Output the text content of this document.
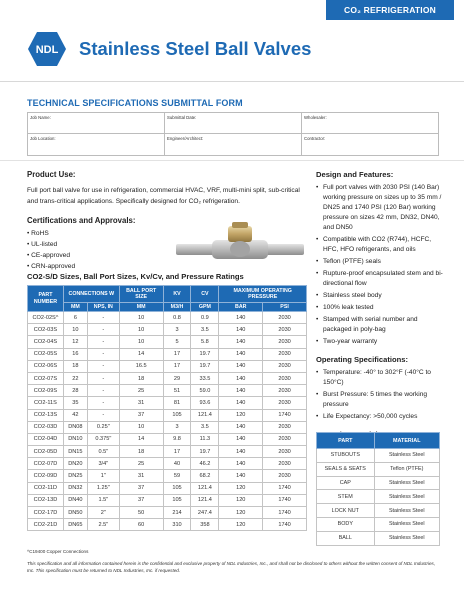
CO₂ REFRIGERATION
NDL Stainless Steel Ball Valves
TECHNICAL SPECIFICATIONS SUBMITTAL FORM
Job Name:	Submittal Date:	Wholesaler:
Job Location:	Engineer/Architect:	Contractor:
Product Use:
Full port ball valve for use in refrigeration, commercial HVAC, VRF, multi-mini split, sub-critical and trans-critical applications. Specifically designed for CO₂ refrigeration.
Certifications and Approvals:
• RoHS
• UL-listed
• CE-approved
• CRN-approved
CO2-S/D Sizes, Ball Port Sizes, Kv/Cv, and Pressure Ratings
PART NUMBER	CONNECTIONS W		BALL PORT SIZE	KV	CV	MAXIMUM OPERATING PRESSURE	
	MM	NPS, IN	MM	M3/H	GPM	BAR	PSI
CO2-02S^	6	-	10	0.8	0.9	140	2030
CO2-03S	10	-	10	3	3.5	140	2030
CO2-04S	12	-	10	5	5.8	140	2030
CO2-05S	16	-	14	17	19.7	140	2030
CO2-06S	18	-	16.5	17	19.7	140	2030
CO2-07S	22	-	18	29	33.5	140	2030
CO2-09S	28	-	25	51	59.0	140	2030
CO2-11S	35	-	31	81	93.6	140	2030
CO2-13S	42	-	37	105	121.4	120	1740
CO2-03D	DN08	0.25"	10	3	3.5	140	2030
CO2-04D	DN10	0.375"	14	9.8	11.3	140	2030
CO2-05D	DN15	0.5"	18	17	19.7	140	2030
CO2-07D	DN20	3/4"	25	40	46.2	140	2030
CO2-09D	DN25	1"	31	59	68.2	140	2030
CO2-11D	DN32	1.25"	37	105	121.4	120	1740
CO2-13D	DN40	1.5"	37	105	121.4	120	1740
CO2-17D	DN50	2"	50	214	247.4	120	1740
CO2-21D	DN65	2.5"	60	310	358	120	1740
^C19400 Copper Connections
Design and Features:
• Full port valves with 2030 PSI (140 Bar) working pressure on sizes up to 35 mm / DN25 and 1740 PSI (120 Bar) working pressure on sizes 42 mm, DN32, DN40, and DN50
• Compatible with CO2 (R744), HCFC, HFC, HFO refrigerants, and oils
• Teflon (PTFE) seals
• Rupture-proof encapsulated stem and bi-directional flow
• Stainless steel body
• 100% leak tested
• Stamped with serial number and packaged in poly-bag
• Two-year warranty
Operating Specifications:
• Temperature: -40° to 302°F (-40°C to 150°C)
• Burst Pressure: 5 times the working pressure
• Life Expectancy: >50,000 cycles
PART	MATERIAL
STUBOUTS	Stainless Steel
SEALS & SEATS	Teflon (PTFE)
CAP	Stainless Steel
STEM	Stainless Steel
LOCK NUT	Stainless Steel
BODY	Stainless Steel
BALL	Stainless Steel
This specification and all information contained herein is the confidential and exclusive property of NDL Industries, Inc., and shall not be disclosed to others without the written consent of NDL Industries, Inc. This specification must be returned to NDL Industries, Inc. if requested.
